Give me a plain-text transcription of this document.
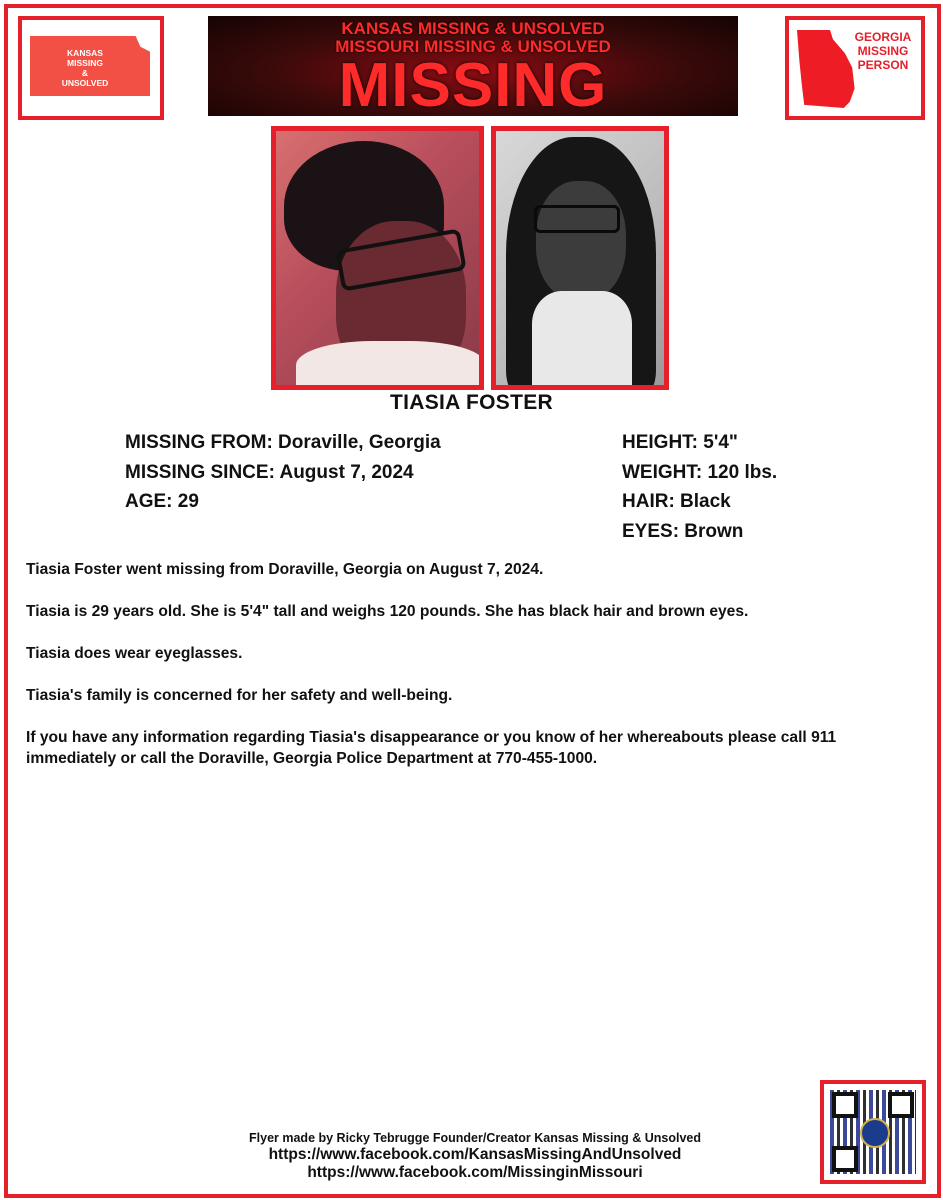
KANSAS
MISSING
&
UNSOLVED
KANSAS MISSING & UNSOLVED
MISSOURI MISSING & UNSOLVED
MISSING
GEORGIA
MISSING
PERSON
TIASIA FOSTER
MISSING FROM: Doraville, Georgia
MISSING SINCE: August 7, 2024
AGE: 29
HEIGHT: 5'4"
WEIGHT: 120 lbs.
HAIR: Black
EYES: Brown

Tiasia Foster went missing from Doraville, Georgia on August 7, 2024.

Tiasia is 29 years old. She is 5'4" tall and weighs 120 pounds. She has black hair and brown eyes.

Tiasia does wear eyeglasses.

Tiasia's family is concerned for her safety and well-being.

If you have any information regarding Tiasia's disappearance or you know of her whereabouts please call 911 immediately or call the Doraville, Georgia Police Department at 770-455-1000.

Flyer made by Ricky Tebrugge Founder/Creator Kansas Missing & Unsolved
https://www.facebook.com/KansasMissingAndUnsolved
https://www.facebook.com/MissinginMissouri
